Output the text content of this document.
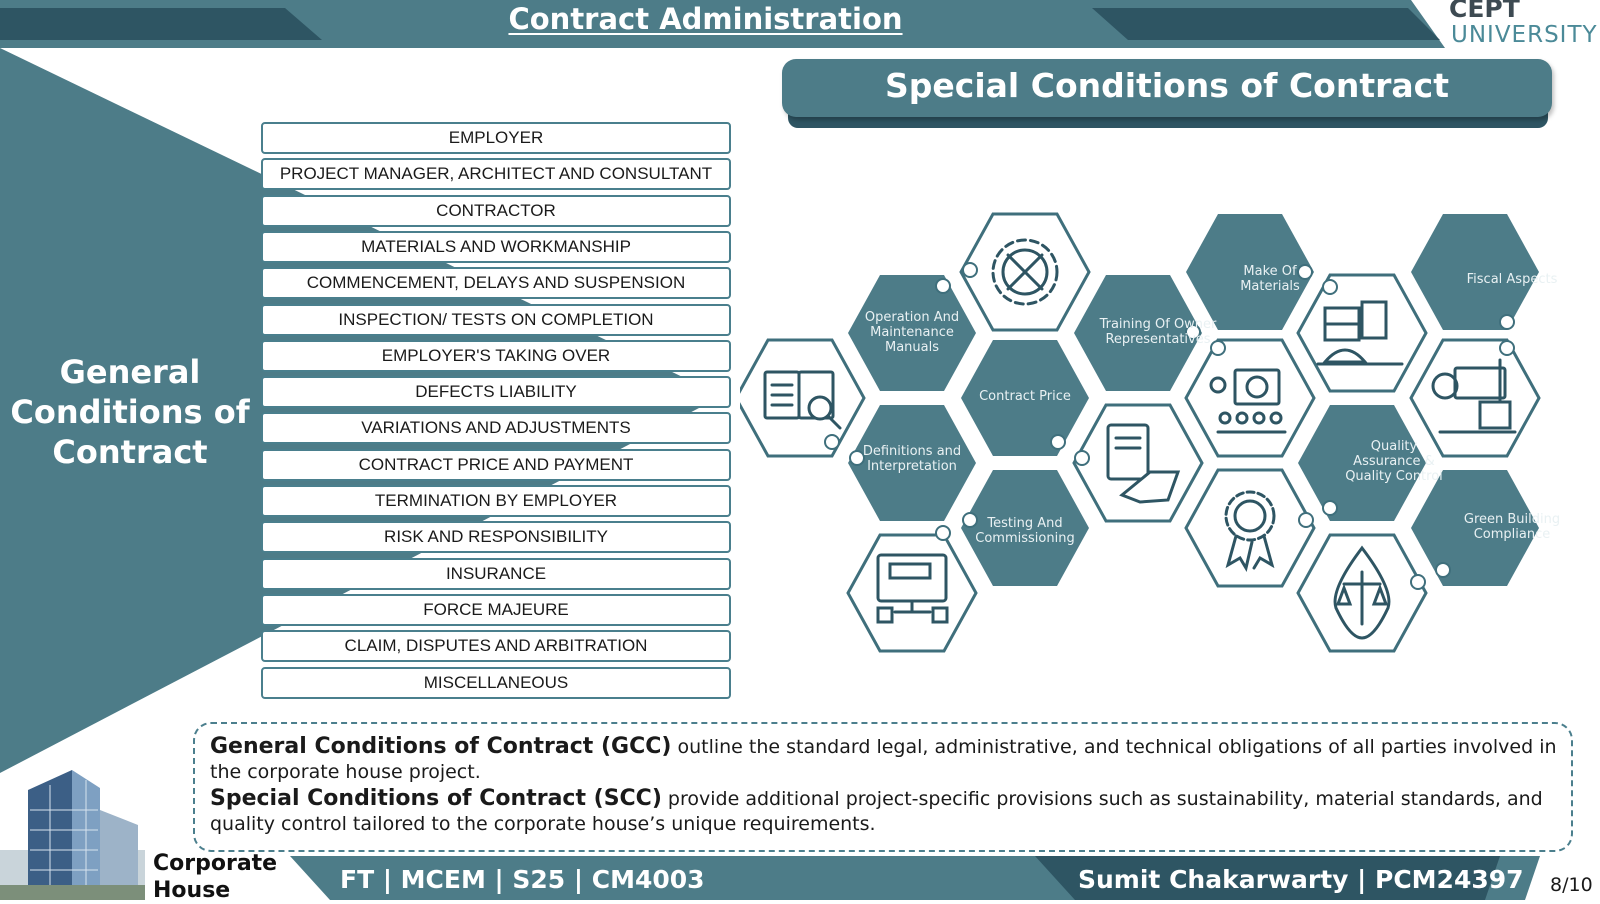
Contract Administration	CEPT
UNIVERSITY
General Conditions of Contract
EMPLOYER
PROJECT MANAGER, ARCHITECT AND CONSULTANT
CONTRACTOR
MATERIALS AND WORKMANSHIP
COMMENCEMENT, DELAYS AND SUSPENSION
INSPECTION/ TESTS ON COMPLETION
EMPLOYER'S TAKING OVER
DEFECTS LIABILITY
VARIATIONS AND ADJUSTMENTS
CONTRACT PRICE AND PAYMENT
TERMINATION BY EMPLOYER
RISK AND RESPONSIBILITY
INSURANCE
FORCE MAJEURE
CLAIM, DISPUTES AND ARBITRATION
MISCELLANEOUS
Special Conditions of Contract
Operation And Maintenance Manuals
Definitions and Interpretation
Contract Price
Testing And Commissioning
Training Of Owner Representatives
Make Of Materials
Quality Assurance & Quality Control
Fiscal Aspects
Green Building Compliance
General Conditions of Contract (GCC) outline the standard legal, administrative, and technical obligations of all parties involved in the corporate house project.
Special Conditions of Contract (SCC) provide additional project-specific provisions such as sustainability, material standards, and quality control tailored to the corporate house’s unique requirements.
FT | MCEM | S25 | CM4003	Sumit Chakarwarty | PCM24397 8/10
Corporate
House
